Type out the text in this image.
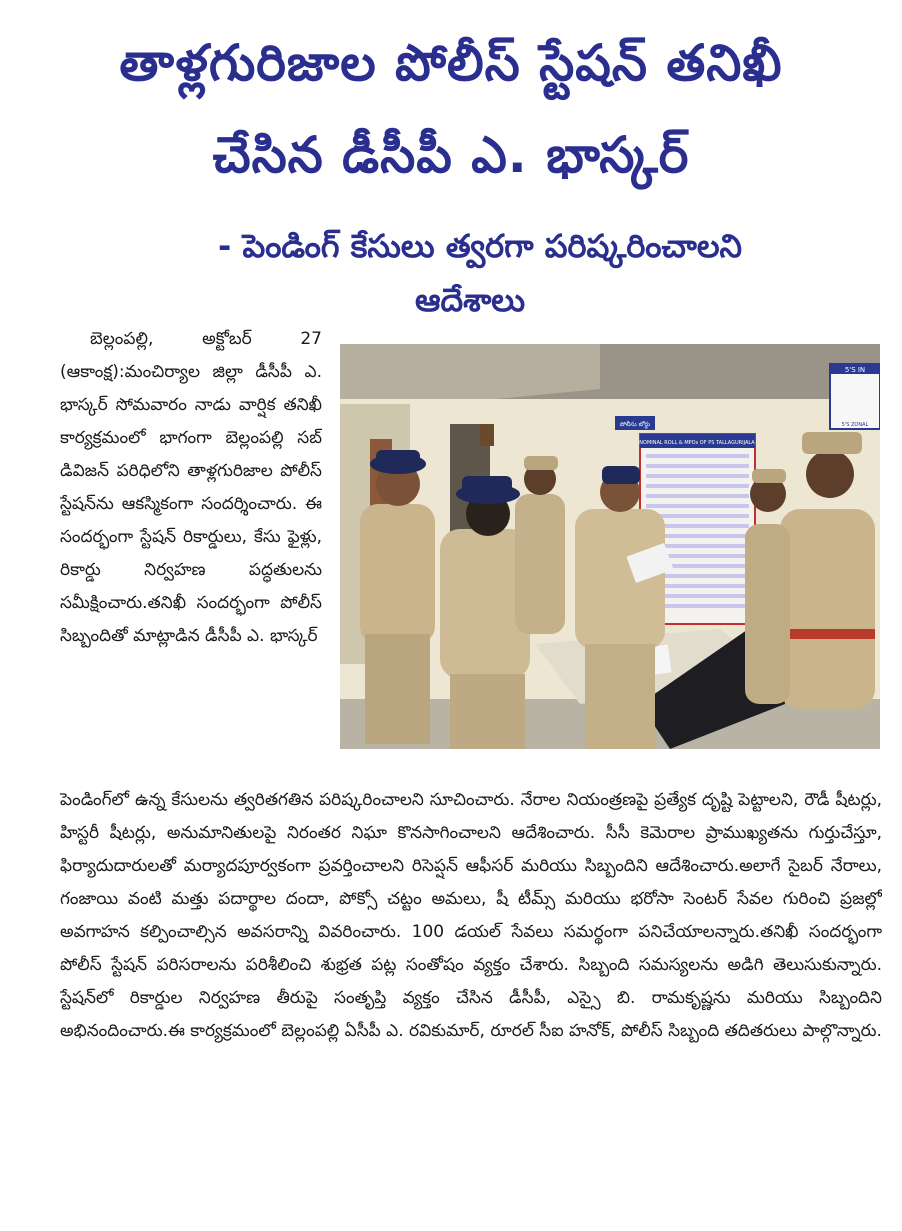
తాళ్లగురిజాల పోలీస్ స్టేషన్ తనిఖీ
చేసిన డీసీపీ ఎ. భాస్కర్
- పెండింగ్ కేసులు త్వరగా పరిష్కరించాలని
ఆదేశాలు

బెల్లంపల్లి, అక్టోబర్ 27 (ఆకాంక్ష):మంచిర్యాల జిల్లా డీసీపీ ఎ. భాస్కర్ సోమవారం నాడు వార్షిక తనిఖీ కార్యక్రమంలో భాగంగా బెల్లంపల్లి సబ్ డివిజన్ పరిధిలోని తాళ్లగురిజాల పోలీస్ స్టేషన్‌ను ఆకస్మికంగా సందర్శించారు. ఈ సందర్భంగా స్టేషన్ రికార్డులు, కేసు ఫైళ్లు, రికార్డు నిర్వహణ పద్ధతులను సమీక్షించారు.తనిఖీ సందర్భంగా పోలీస్ సిబ్బందితో మాట్లాడిన డీసీపీ ఎ. భాస్కర్

NOMINAL ROLL & MPOs OF PS TALLAGURIJALA
పోలీసు బోర్డు
5'S IN
5'S ZONAL

పెండింగ్‌లో ఉన్న కేసులను త్వరితగతిన పరిష్కరించాలని సూచించారు. నేరాల నియంత్రణపై ప్రత్యేక దృష్టి పెట్టాలని, రౌడీ షీటర్లు, హిస్టరీ షీటర్లు, అనుమానితులపై నిరంతర నిఘా కొనసాగించాలని ఆదేశించారు. సీసీ కెమెరాల ప్రాముఖ్యతను గుర్తుచేస్తూ, ఫిర్యాదుదారులతో మర్యాదపూర్వకంగా ప్రవర్తించాలని రిసెప్షన్ ఆఫీసర్ మరియు సిబ్బందిని ఆదేశించారు.అలాగే సైబర్ నేరాలు, గంజాయి వంటి మత్తు పదార్థాల దందా, పోక్సో చట్టం అమలు, షీ టీమ్స్ మరియు భరోసా సెంటర్ సేవల గురించి ప్రజల్లో అవగాహన కల్పించాల్సిన అవసరాన్ని వివరించారు. 100 డయల్ సేవలు సమర్థంగా పనిచేయాలన్నారు.తనిఖీ సందర్భంగా పోలీస్ స్టేషన్ పరిసరాలను పరిశీలించి శుభ్రత పట్ల సంతోషం వ్యక్తం చేశారు. సిబ్బంది సమస్యలను అడిగి తెలుసుకున్నారు. స్టేషన్‌లో రికార్డుల నిర్వహణ తీరుపై సంతృప్తి వ్యక్తం చేసిన డీసీపీ, ఎస్సై బి. రామకృష్ణను మరియు సిబ్బందిని అభినందించారు.ఈ కార్యక్రమంలో బెల్లంపల్లి ఏసీపీ ఎ. రవికుమార్, రూరల్ సీఐ హనోక్, పోలీస్ సిబ్బంది తదితరులు పాల్గొన్నారు.
